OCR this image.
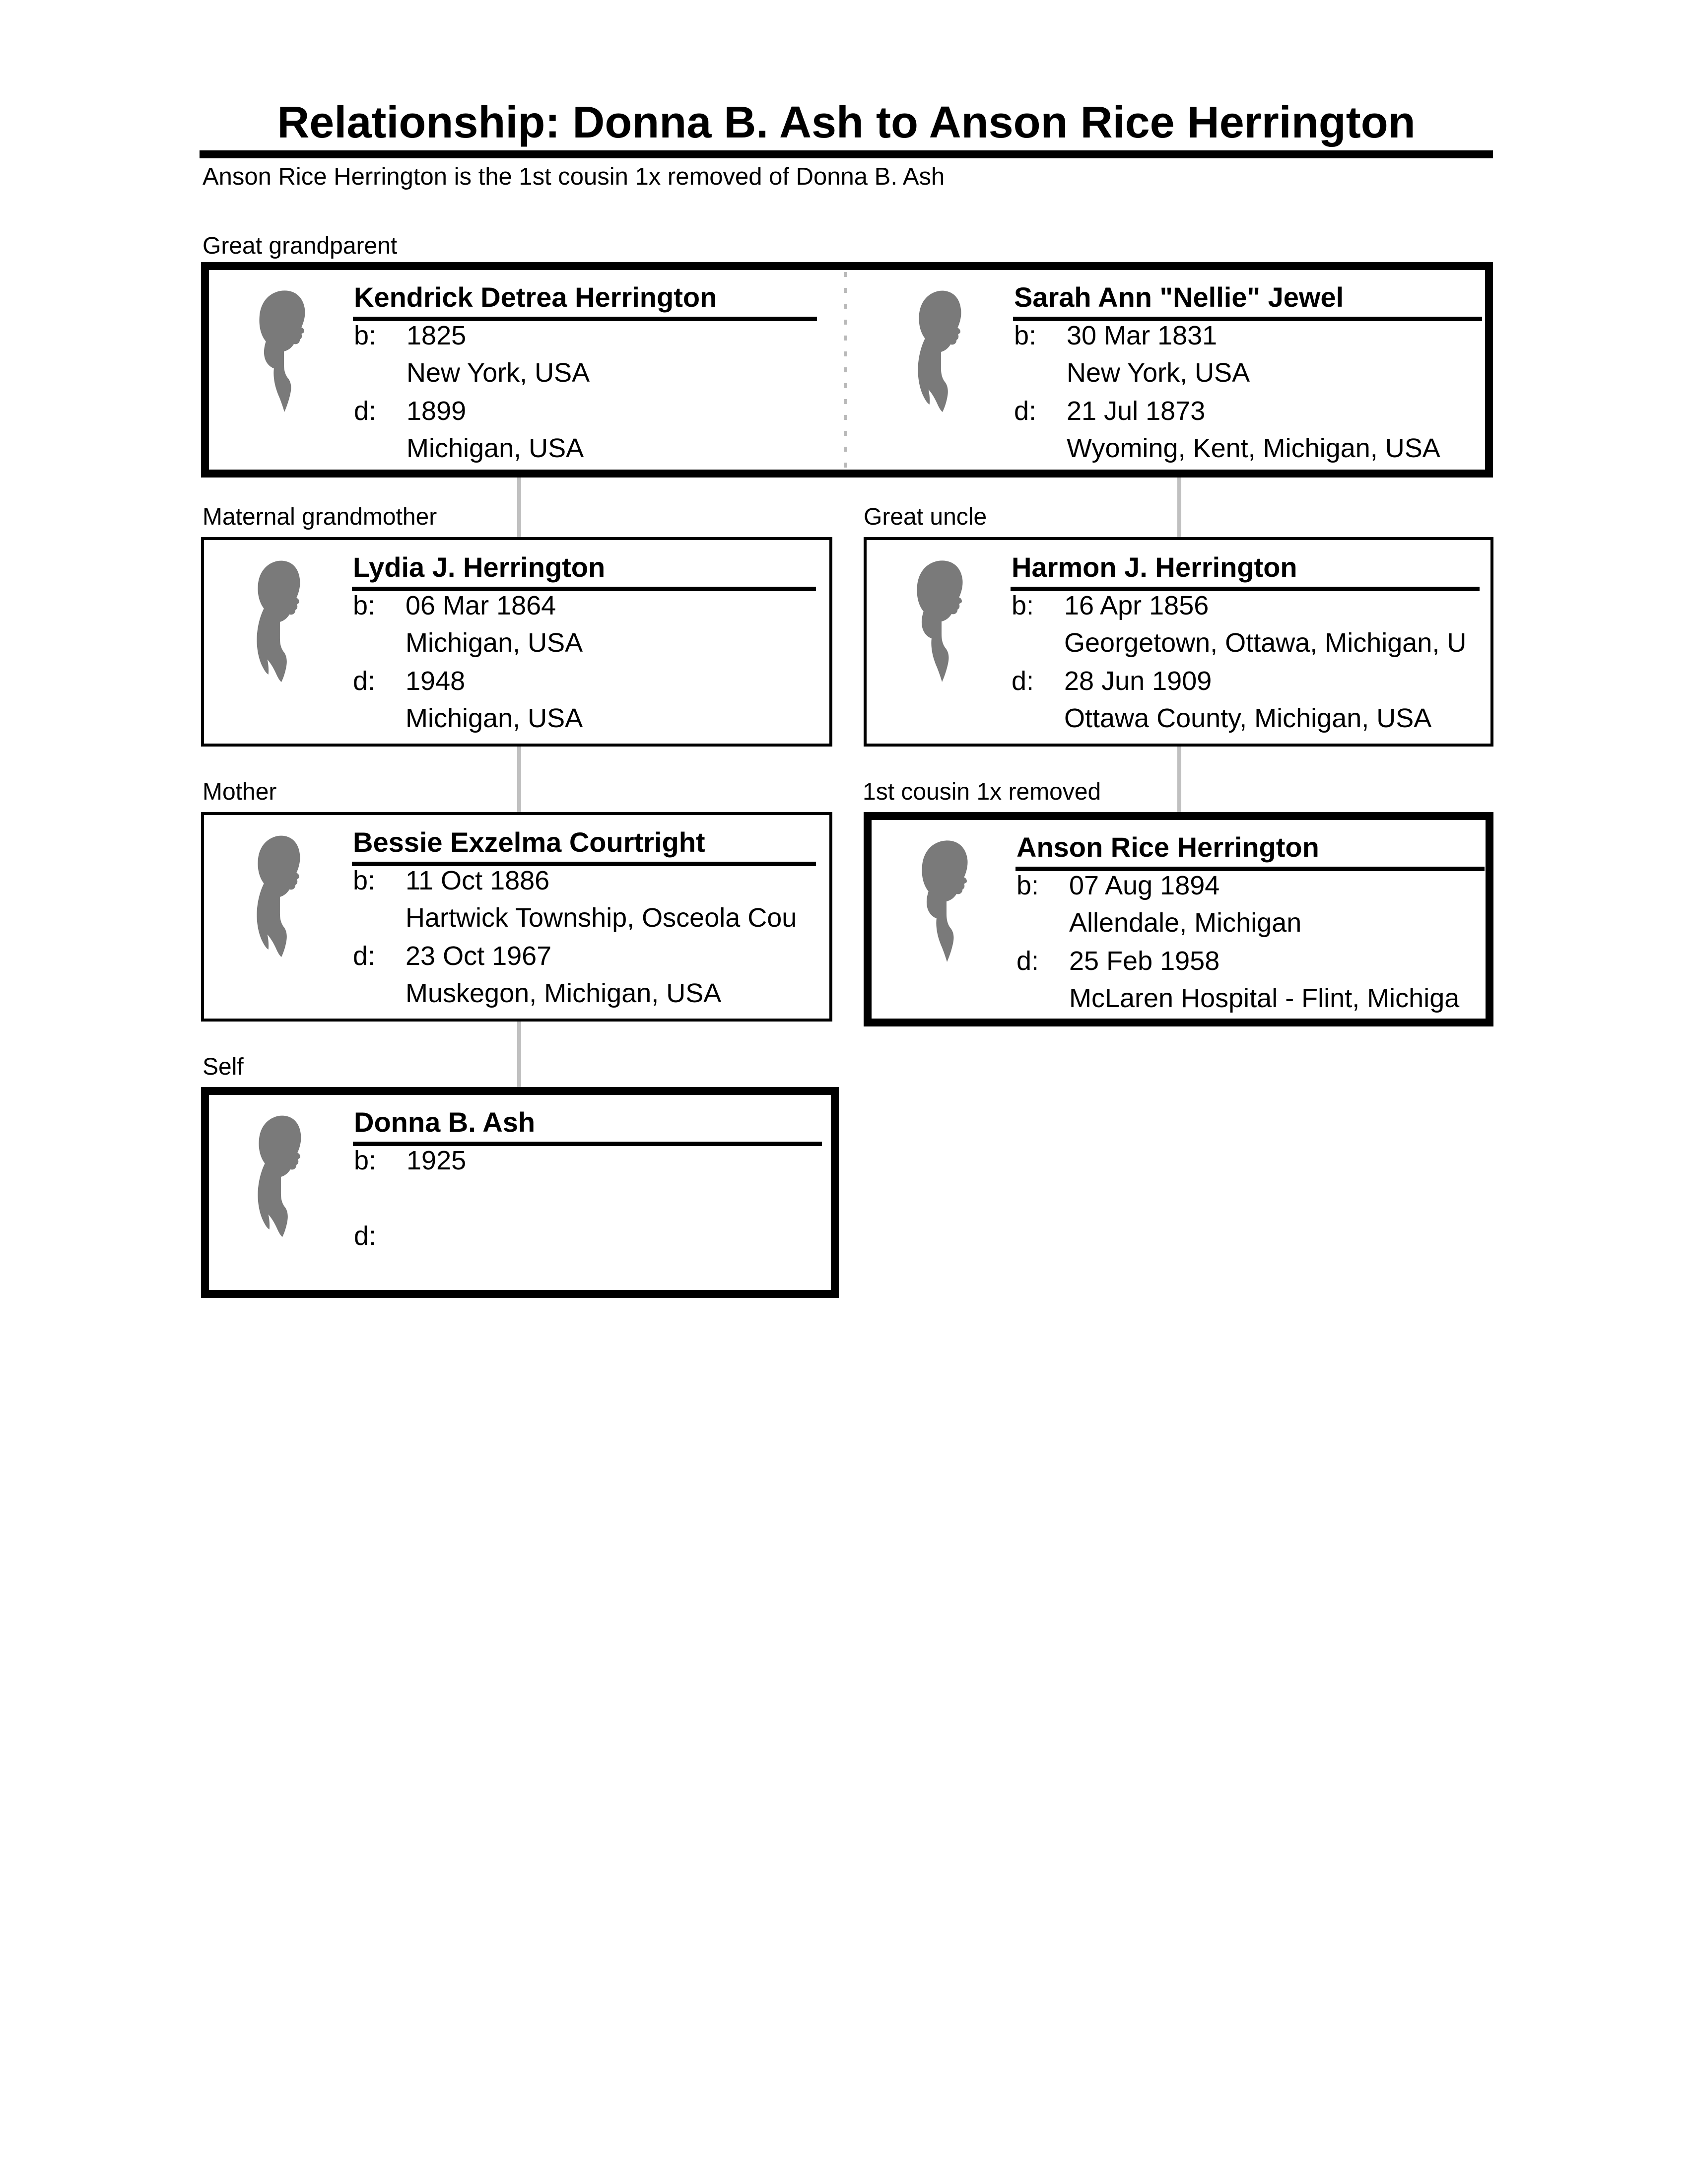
Relationship: Donna B. Ash to Anson Rice Herrington
Anson Rice Herrington is the 1st cousin 1x removed of Donna B. Ash
Great grandparent
Maternal grandmother	Great uncle
Mother	1st cousin 1x removed
Self
Kendrick Detrea Herrington
b: 1825
New York, USA
d: 1899
Michigan, USA
Sarah Ann "Nellie" Jewel
b: 30 Mar 1831
New York, USA
d: 21 Jul 1873
Wyoming, Kent, Michigan, USA
Lydia J. Herrington
b: 06 Mar 1864
Michigan, USA
d: 1948
Michigan, USA
Harmon J. Herrington
b: 16 Apr 1856
Georgetown, Ottawa, Michigan, U
d: 28 Jun 1909
Ottawa County, Michigan, USA
Bessie Exzelma Courtright
b: 11 Oct 1886
Hartwick Township, Osceola Cou
d: 23 Oct 1967
Muskegon, Michigan, USA
Anson Rice Herrington
b: 07 Aug 1894
Allendale, Michigan
d: 25 Feb 1958
McLaren Hospital - Flint, Michiga
Donna B. Ash
b: 1925
d:
